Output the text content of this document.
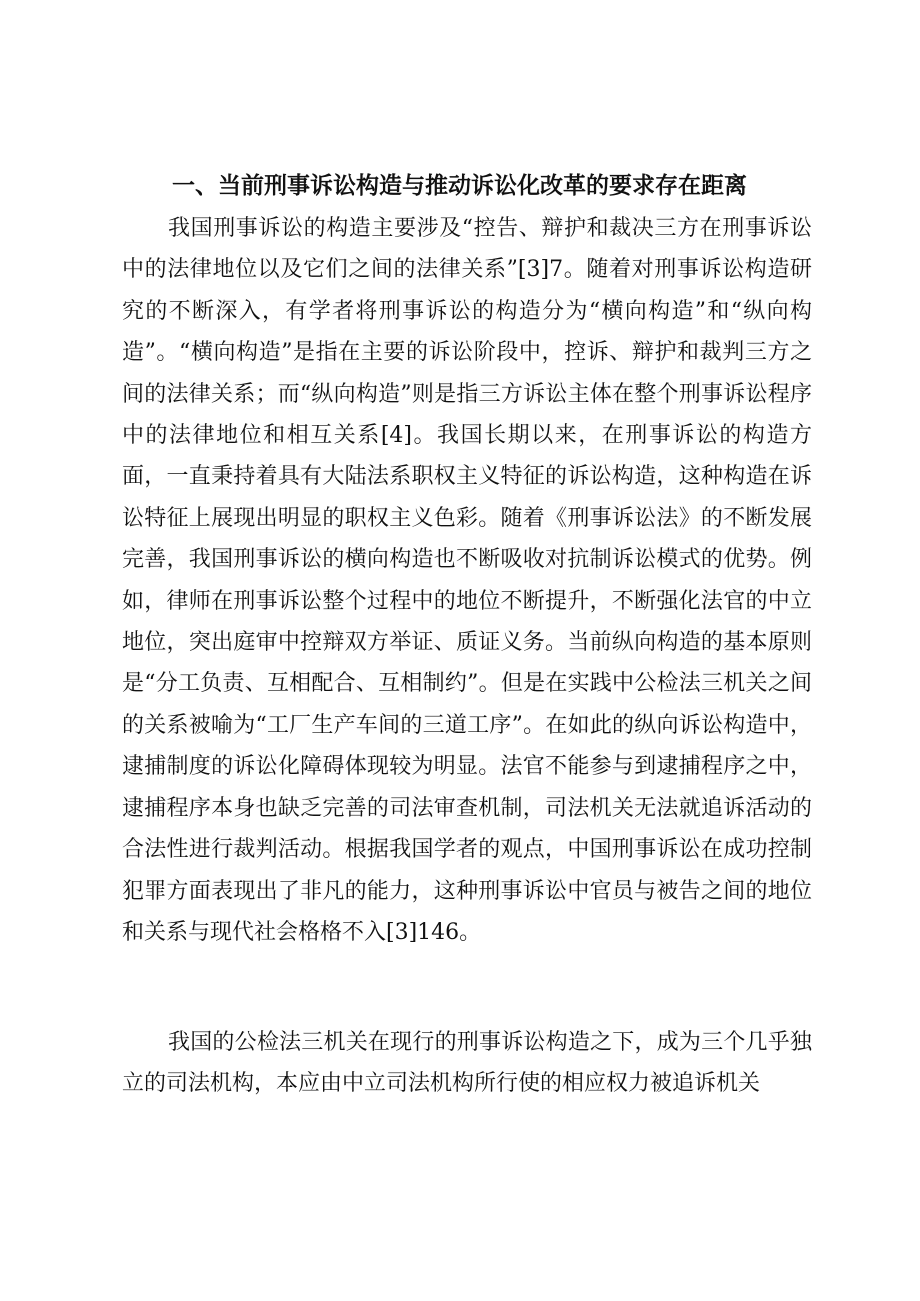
一、当前刑事诉讼构造与推动诉讼化改革的要求存在距离

我国刑事诉讼的构造主要涉及“控告、辩护和裁决三方在刑事诉讼中的法律地位以及它们之间的法律关系”[3]7。随着对刑事诉讼构造研究的不断深入，有学者将刑事诉讼的构造分为“横向构造”和“纵向构造”。“横向构造”是指在主要的诉讼阶段中，控诉、辩护和裁判三方之间的法律关系；而“纵向构造”则是指三方诉讼主体在整个刑事诉讼程序中的法律地位和相互关系[4]。我国长期以来，在刑事诉讼的构造方面，一直秉持着具有大陆法系职权主义特征的诉讼构造，这种构造在诉讼特征上展现出明显的职权主义色彩。随着《刑事诉讼法》的不断发展完善，我国刑事诉讼的横向构造也不断吸收对抗制诉讼模式的优势。例如，律师在刑事诉讼整个过程中的地位不断提升，不断强化法官的中立地位，突出庭审中控辩双方举证、质证义务。当前纵向构造的基本原则是“分工负责、互相配合、互相制约”。但是在实践中公检法三机关之间的关系被喻为“工厂生产车间的三道工序”。在如此的纵向诉讼构造中，逮捕制度的诉讼化障碍体现较为明显。法官不能参与到逮捕程序之中，逮捕程序本身也缺乏完善的司法审查机制，司法机关无法就追诉活动的合法性进行裁判活动。根据我国学者的观点，中国刑事诉讼在成功控制犯罪方面表现出了非凡的能力，这种刑事诉讼中官员与被告之间的地位和关系与现代社会格格不入[3]146。

我国的公检法三机关在现行的刑事诉讼构造之下，成为三个几乎独立的司法机构，本应由中立司法机构所行使的相应权力被追诉机关
